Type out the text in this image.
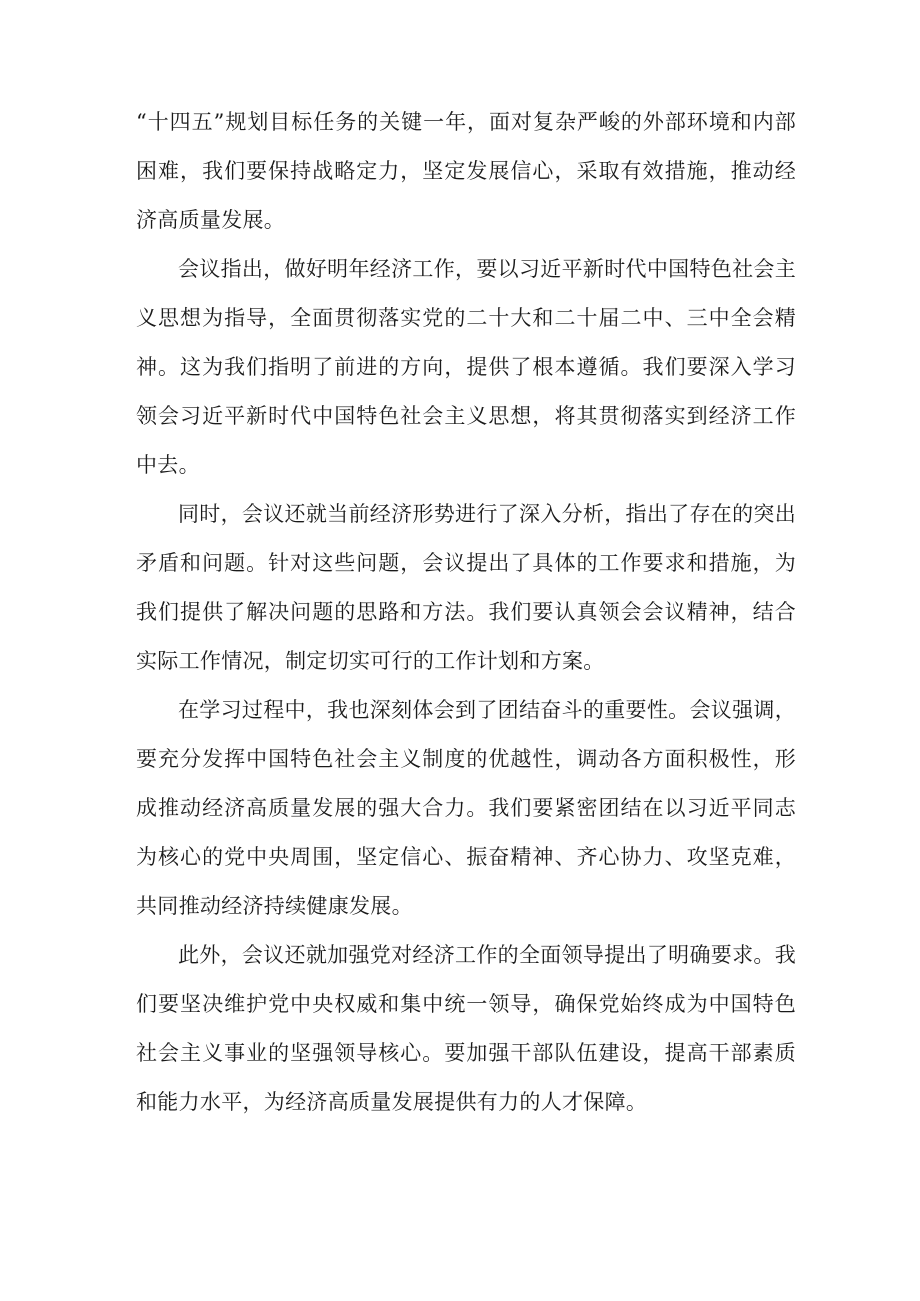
“十四五”规划目标任务的关键一年，面对复杂严峻的外部环境和内部困难，我们要保持战略定力，坚定发展信心，采取有效措施，推动经济高质量发展。

会议指出，做好明年经济工作，要以习近平新时代中国特色社会主义思想为指导，全面贯彻落实党的二十大和二十届二中、三中全会精神。这为我们指明了前进的方向，提供了根本遵循。我们要深入学习领会习近平新时代中国特色社会主义思想，将其贯彻落实到经济工作中去。

同时，会议还就当前经济形势进行了深入分析，指出了存在的突出矛盾和问题。针对这些问题，会议提出了具体的工作要求和措施，为我们提供了解决问题的思路和方法。我们要认真领会会议精神，结合实际工作情况，制定切实可行的工作计划和方案。

在学习过程中，我也深刻体会到了团结奋斗的重要性。会议强调，要充分发挥中国特色社会主义制度的优越性，调动各方面积极性，形成推动经济高质量发展的强大合力。我们要紧密团结在以习近平同志为核心的党中央周围，坚定信心、振奋精神、齐心协力、攻坚克难，共同推动经济持续健康发展。

此外，会议还就加强党对经济工作的全面领导提出了明确要求。我们要坚决维护党中央权威和集中统一领导，确保党始终成为中国特色社会主义事业的坚强领导核心。要加强干部队伍建设，提高干部素质和能力水平，为经济高质量发展提供有力的人才保障。
